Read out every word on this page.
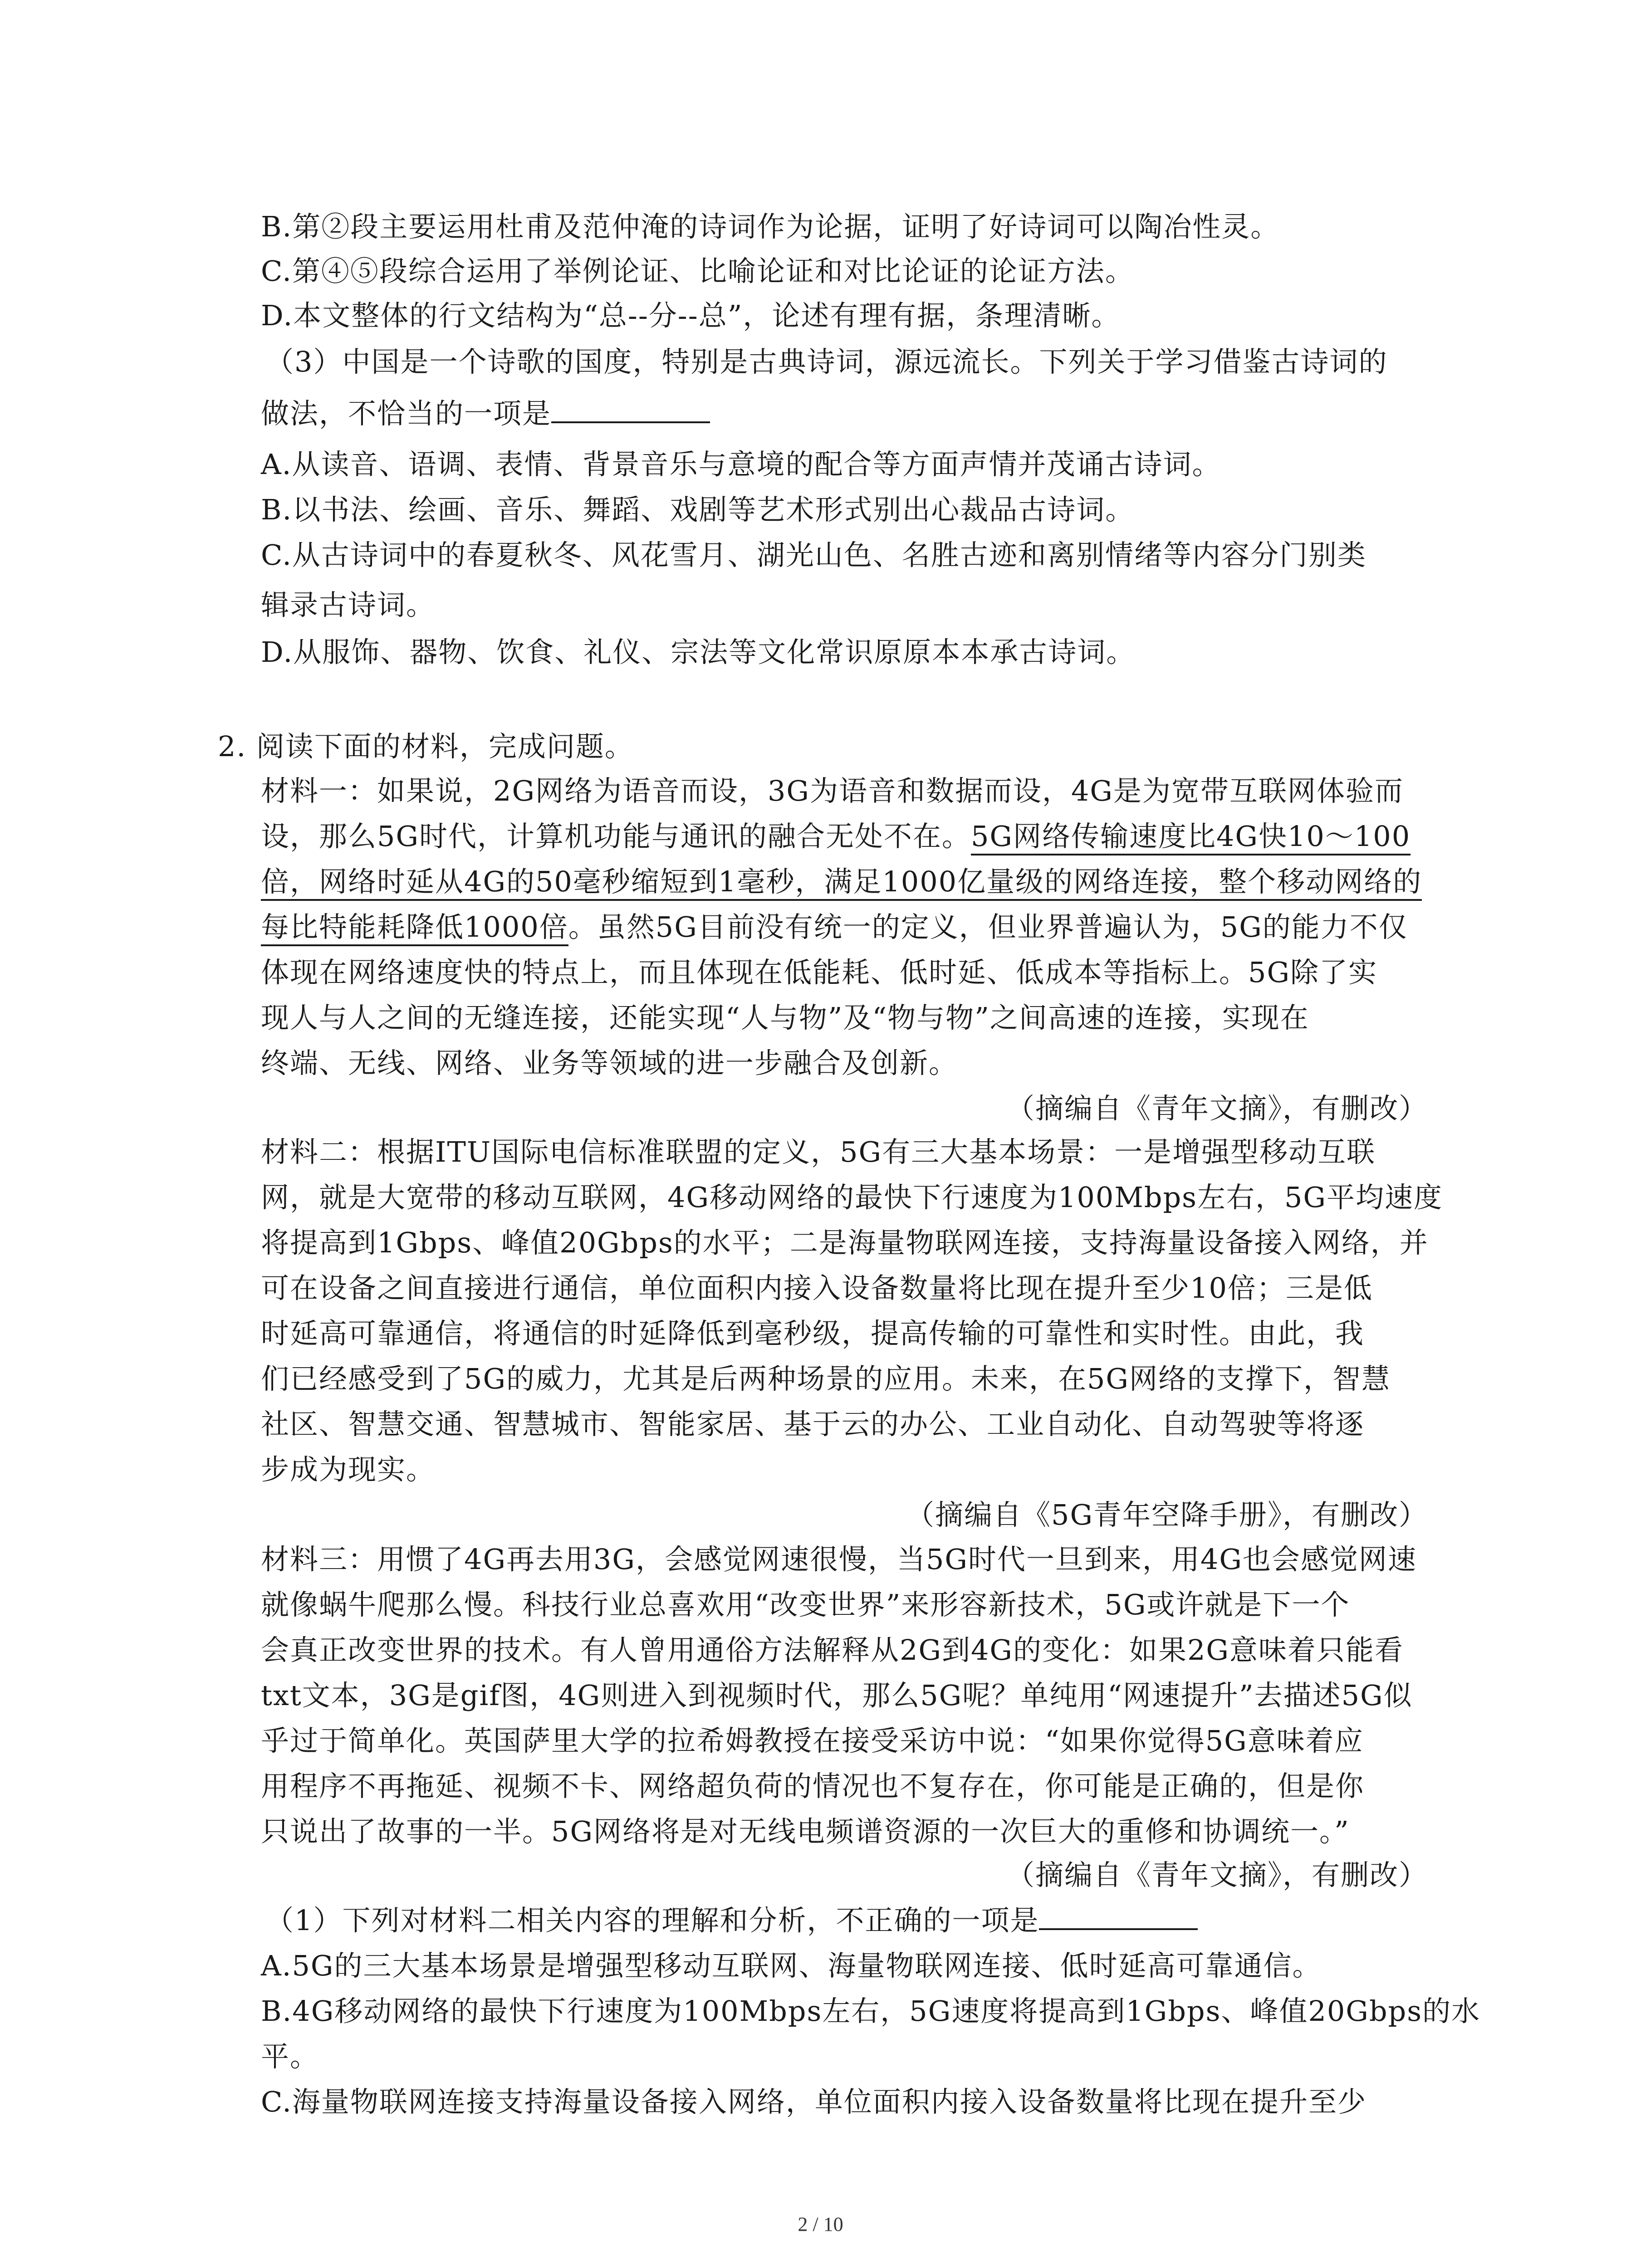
B.第②段主要运用杜甫及范仲淹的诗词作为论据，证明了好诗词可以陶冶性灵。
C.第④⑤段综合运用了举例论证、比喻论证和对比论证的论证方法。
D.本文整体的行文结构为“总--分--总”，论述有理有据，条理清晰。
（3）中国是一个诗歌的国度，特别是古典诗词，源远流长。下列关于学习借鉴古诗词的
做法，不恰当的一项是
A.从读音、语调、表情、背景音乐与意境的配合等方面声情并茂诵古诗词。
B.以书法、绘画、音乐、舞蹈、戏剧等艺术形式别出心裁品古诗词。
C.从古诗词中的春夏秋冬、风花雪月、湖光山色、名胜古迹和离别情绪等内容分门别类
辑录古诗词。
D.从服饰、器物、饮食、礼仪、宗法等文化常识原原本本承古诗词。
2. 阅读下面的材料，完成问题。
材料一：如果说，2G网络为语音而设，3G为语音和数据而设，4G是为宽带互联网体验而
设，那么5G时代，计算机功能与通讯的融合无处不在。5G网络传输速度比4G快10～100
倍，网络时延从4G的50毫秒缩短到1毫秒，满足1000亿量级的网络连接，整个移动网络的
每比特能耗降低1000倍。虽然5G目前没有统一的定义，但业界普遍认为，5G的能力不仅
体现在网络速度快的特点上，而且体现在低能耗、低时延、低成本等指标上。5G除了实
现人与人之间的无缝连接，还能实现“人与物”及“物与物”之间高速的连接，实现在
终端、无线、网络、业务等领域的进一步融合及创新。
（摘编自《青年文摘》，有删改）
材料二：根据ITU国际电信标准联盟的定义，5G有三大基本场景：一是增强型移动互联
网，就是大宽带的移动互联网，4G移动网络的最快下行速度为100Mbps左右，5G平均速度
将提高到1Gbps、峰值20Gbps的水平；二是海量物联网连接，支持海量设备接入网络，并
可在设备之间直接进行通信，单位面积内接入设备数量将比现在提升至少10倍；三是低
时延高可靠通信，将通信的时延降低到毫秒级，提高传输的可靠性和实时性。由此，我
们已经感受到了5G的威力，尤其是后两种场景的应用。未来，在5G网络的支撑下，智慧
社区、智慧交通、智慧城市、智能家居、基于云的办公、工业自动化、自动驾驶等将逐
步成为现实。
（摘编自《5G青年空降手册》，有删改）
材料三：用惯了4G再去用3G，会感觉网速很慢，当5G时代一旦到来，用4G也会感觉网速
就像蜗牛爬那么慢。科技行业总喜欢用“改变世界”来形容新技术，5G或许就是下一个
会真正改变世界的技术。有人曾用通俗方法解释从2G到4G的变化：如果2G意味着只能看
txt文本，3G是gif图，4G则进入到视频时代，那么5G呢？单纯用“网速提升”去描述5G似
乎过于简单化。英国萨里大学的拉希姆教授在接受采访中说：“如果你觉得5G意味着应
用程序不再拖延、视频不卡、网络超负荷的情况也不复存在，你可能是正确的，但是你
只说出了故事的一半。5G网络将是对无线电频谱资源的一次巨大的重修和协调统一。”
（摘编自《青年文摘》，有删改）
（1）下列对材料二相关内容的理解和分析，不正确的一项是
A.5G的三大基本场景是增强型移动互联网、海量物联网连接、低时延高可靠通信。
B.4G移动网络的最快下行速度为100Mbps左右，5G速度将提高到1Gbps、峰值20Gbps的水
平。
C.海量物联网连接支持海量设备接入网络，单位面积内接入设备数量将比现在提升至少
2 / 10
